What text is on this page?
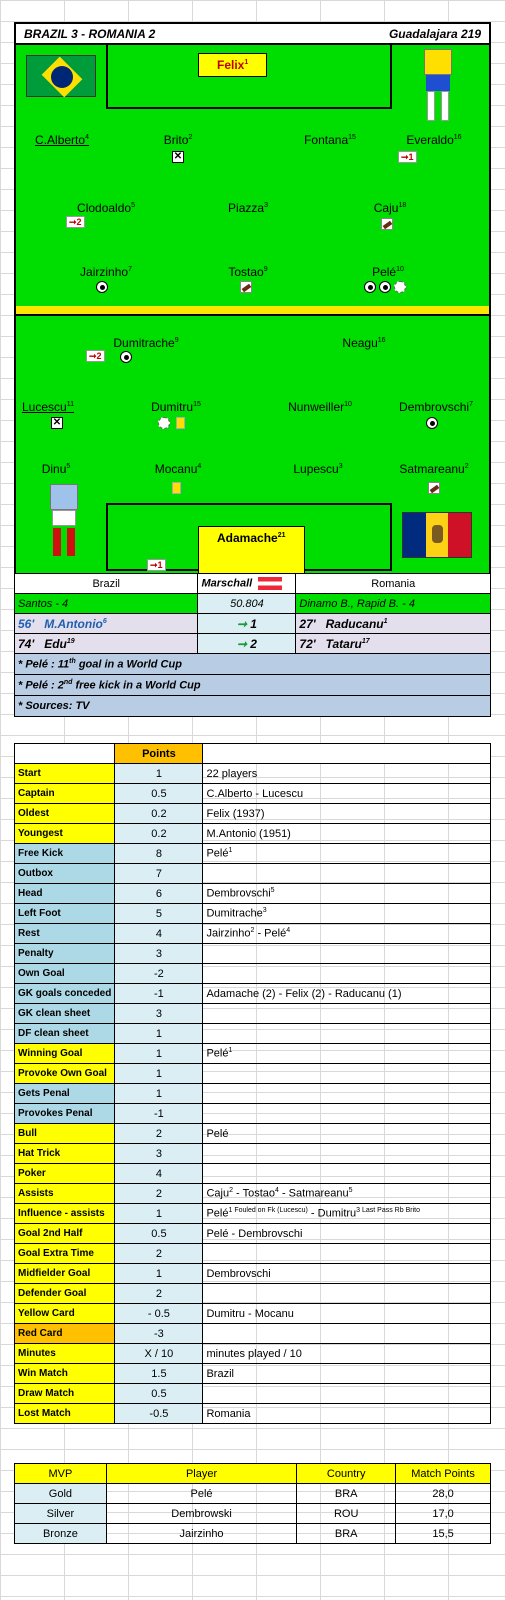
BRAZIL 3 - ROMANIA 2	Guadalajara 219
Felix$^1$
C.Alberto$^4$	Brito$^2$
✕
Fontana$^{15}$	Everaldo$^{16}$
➞1
Clodoaldo$^5$
➞2
Piazza$^3$	Caju$^{18}$
Jairzinho$^7$	Tostao$^9$	Pelé$^{10}$
Dumitrache$^9$
➞2
Neagu$^{16}$
Lucescu$^{11}$
✕
Dumitru$^{15}$	Nunweiller$^{10}$	Dembrovschi$^7$
Dinu$^5$	Mocanu$^4$	Lupescu$^3$	Satmareanu$^2$
Adamache$^{21}$ ➞1
Brazil	Marschall	Romania
Santos - 4	50.804	Dinamo B., Rapid B. - 4
56' M.Antonio$^6$	➞ 1	27' Raducanu$^1$
74' Edu$^{19}$	➞ 2	72' Tataru$^{17}$
* Pelé : 11th goal in a World Cup		
* Pelé : 2nd free kick in a World Cup		
* Sources: TV		
	Points	
Start	1	22 players
Captain	0.5	C.Alberto - Lucescu
Oldest	0.2	Felix (1937)
Youngest	0.2	M.Antonio (1951)
Free Kick	8	Pelé$^1$
Outbox	7	
Head	6	Dembrovschi$^5$
Left Foot	5	Dumitrache$^3$
Rest	4	Jairzinho$^2$ - Pelé$^4$
Penalty	3	
Own Goal	-2	
GK goals conceded	-1	Adamache (2) - Felix (2) - Raducanu (1)
GK clean sheet	3	
DF clean sheet	1	
Winning Goal	1	Pelé$^1$
Provoke Own Goal	1	
Gets Penal	1	
Provokes Penal	-1	
Bull	2	Pelé
Hat Trick	3	
Poker	4	
Assists	2	Caju$^2$ - Tostao$^4$ - Satmareanu$^5$
Influence - assists	1	Pelé$^{1 Fouled on Fk (Lucescu)}$ - Dumitru$^{3 Last Pass Rb Brito}$
Goal 2nd Half	0.5	Pelé - Dembrovschi
Goal Extra Time	2	
Midfielder Goal	1	Dembrovschi
Defender Goal	2	
Yellow Card	- 0.5	Dumitru - Mocanu
Red Card	-3	
Minutes	X / 10	minutes played / 10
Win Match	1.5	Brazil
Draw Match	0.5	
Lost Match	-0.5	Romania
MVP	Player	Country	Match Points
Gold	Pelé	BRA	28,0
Silver	Dembrowski	ROU	17,0
Bronze	Jairzinho	BRA	15,5
